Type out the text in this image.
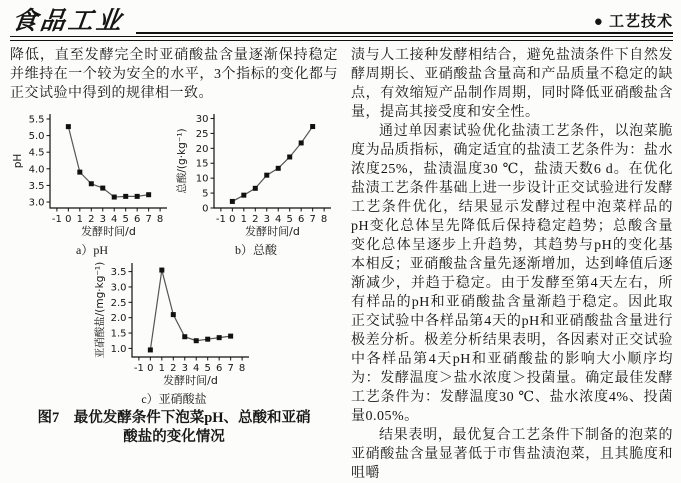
食品工业	● 工艺技术

降低，直至发酵完全时亚硝酸盐含量逐渐保持稳定并维持在一个较为安全的水平，3个指标的变化都与正交试验中得到的规律相一致。

3.0
3.5
4.0
4.5
5.0
5.5
-1 0 1 2 3 4 5 6 7 8
发酵时间/d
pH
a）pH
0
5
10
15
20
25
30
-1 0 1 2 3 4 5 6 7 8
发酵时间/d
总酸/(g·kg⁻¹)
b）总酸
1.0
1.5
2.0
2.5
3.0
3.5
-1 0 1 2 3 4 5 6 7 8
发酵时间/d
亚硝酸盐/(mg·kg⁻¹)
c）亚硝酸盐
图7　最优发酵条件下泡菜pH、总酸和亚硝
酸盐的变化情况

渍与人工接种发酵相结合，避免盐渍条件下自然发酵周期长、亚硝酸盐含量高和产品质量不稳定的缺点，有效缩短产品制作周期，同时降低亚硝酸盐含量，提高其接受度和安全性。

通过单因素试验优化盐渍工艺条件，以泡菜脆度为品质指标，确定适宜的盐渍工艺条件为：盐水浓度25%，盐渍温度30 ℃，盐渍天数6 d。在优化盐渍工艺条件基础上进一步设计正交试验进行发酵工艺条件优化，结果显示发酵过程中泡菜样品的pH变化总体呈先降低后保持稳定趋势；总酸含量变化总体呈逐步上升趋势，其趋势与pH的变化基本相反；亚硝酸盐含量先逐渐增加，达到峰值后逐渐减少，并趋于稳定。由于发酵至第4天左右，所有样品的pH和亚硝酸盐含量渐趋于稳定。因此取正交试验中各样品第4天的pH和亚硝酸盐含量进行极差分析。极差分析结果表明，各因素对正交试验中各样品第4天pH和亚硝酸盐的影响大小顺序均为：发酵温度＞盐水浓度＞投菌量。确定最佳发酵工艺条件为：发酵温度30 ℃、盐水浓度4%、投菌量0.05%。

结果表明，最优复合工艺条件下制备的泡菜的亚硝酸盐含量显著低于市售盐渍泡菜，且其脆度和咀嚼
